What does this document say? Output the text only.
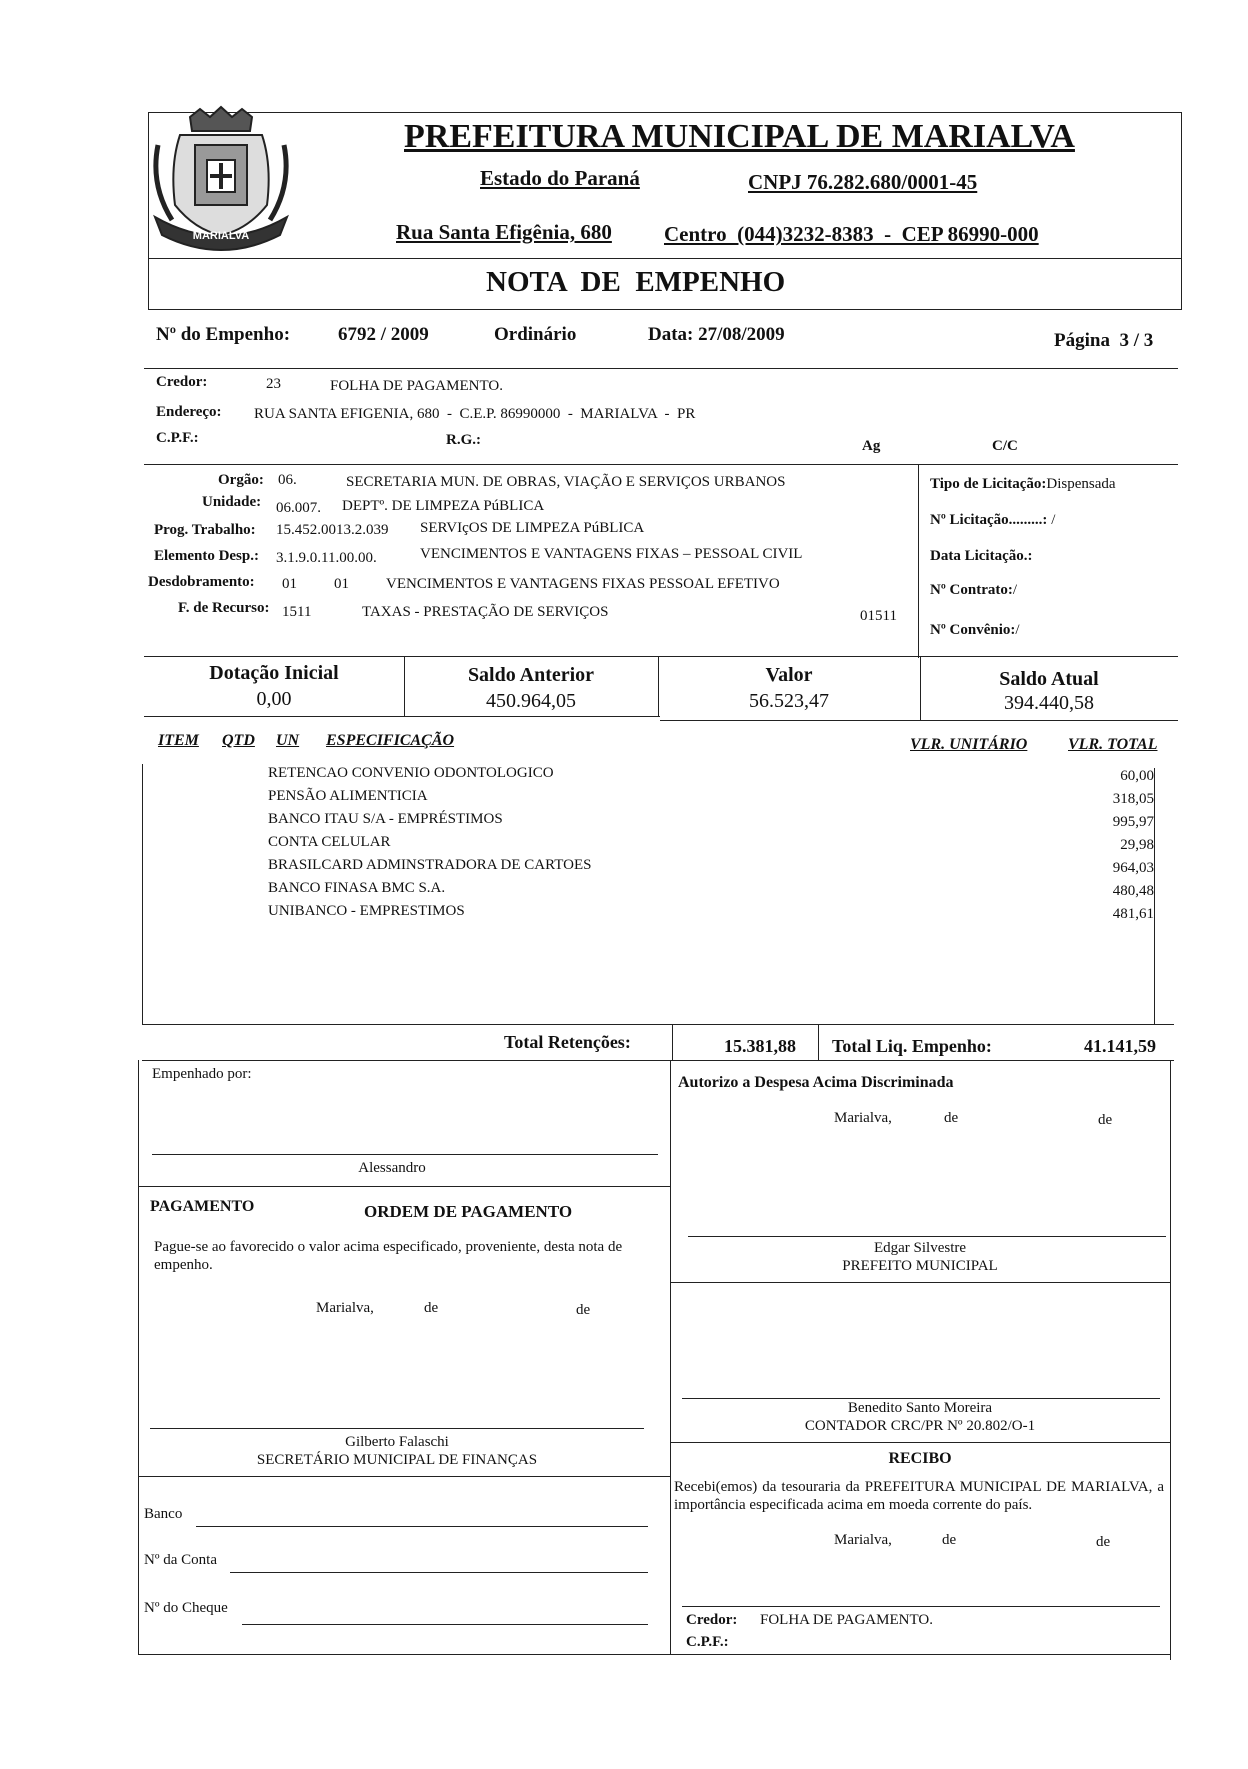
MARIALVA
PREFEITURA MUNICIPAL DE MARIALVA
Estado do Paraná	CNPJ 76.282.680/0001-45
Rua Santa Efigênia, 680 Centro  (044)3232-8383  -  CEP 86990-000
NOTA  DE  EMPENHO
Nº do Empenho:	6792 / 2009	Ordinário	Data: 27/08/2009	Página  3 / 3
Credor:	23	FOLHA DE PAGAMENTO.
Endereço: RUA SANTA EFIGENIA, 680  -  C.E.P. 86990000  -  MARIALVA  -  PR
C.P.F.:	R.G.:	Ag	C/C
Orgão: 06.	SECRETARIA MUN. DE OBRAS, VIAÇÃO E SERVIÇOS URBANOS
Unidade: 06.007. DEPTº. DE LIMPEZA PúBLICA
Prog. Trabalho: 15.452.0013.2.039 SERVIçOS DE LIMPEZA PúBLICA
Elemento Desp.: 3.1.9.0.11.00.00.	VENCIMENTOS E VANTAGENS FIXAS – PESSOAL CIVIL
Desdobramento: 01 01 VENCIMENTOS E VANTAGENS FIXAS PESSOAL EFETIVO
F. de Recurso: 1511	TAXAS - PRESTAÇÃO DE SERVIÇOS	01511
Tipo de Licitação:Dispensada
Nº Licitação.........: /
Data Licitação.:
Nº Contrato:/
Nº Convênio:/
Dotação Inicial
0,00
Saldo Anterior
450.964,05
Valor
56.523,47
Saldo Atual
394.440,58
ITEM QTD UN ESPECIFICAÇÃO	VLR. UNITÁRIO	VLR. TOTAL
RETENCAO CONVENIO ODONTOLOGICO	60,00
PENSÃO ALIMENTICIA	318,05
BANCO ITAU S/A - EMPRÉSTIMOS	995,97
CONTA CELULAR	29,98
BRASILCARD ADMINSTRADORA DE CARTOES	964,03
BANCO FINASA BMC S.A.	480,48
UNIBANCO - EMPRESTIMOS	481,61
Total Retenções:	15.381,88 Total Liq. Empenho:	41.141,59
Empenhado por:
Alessandro
Autorizo a Despesa Acima Discriminada
Marialva,	de	de
Edgar Silvestre
PREFEITO MUNICIPAL
PAGAMENTO	ORDEM DE PAGAMENTO
Pague-se ao favorecido o valor acima especificado, proveniente, desta nota de empenho.
Marialva,	de	de
Gilberto Falaschi
SECRETÁRIO MUNICIPAL DE FINANÇAS
Banco
Nº da Conta
Nº do Cheque
Benedito Santo Moreira
CONTADOR CRC/PR Nº 20.802/O-1
RECIBO
Recebi(emos) da tesouraria da PREFEITURA MUNICIPAL DE MARIALVA, a importância especificada acima em moeda corrente do país.
Marialva,	de	de
Credor: FOLHA DE PAGAMENTO.
C.P.F.:
